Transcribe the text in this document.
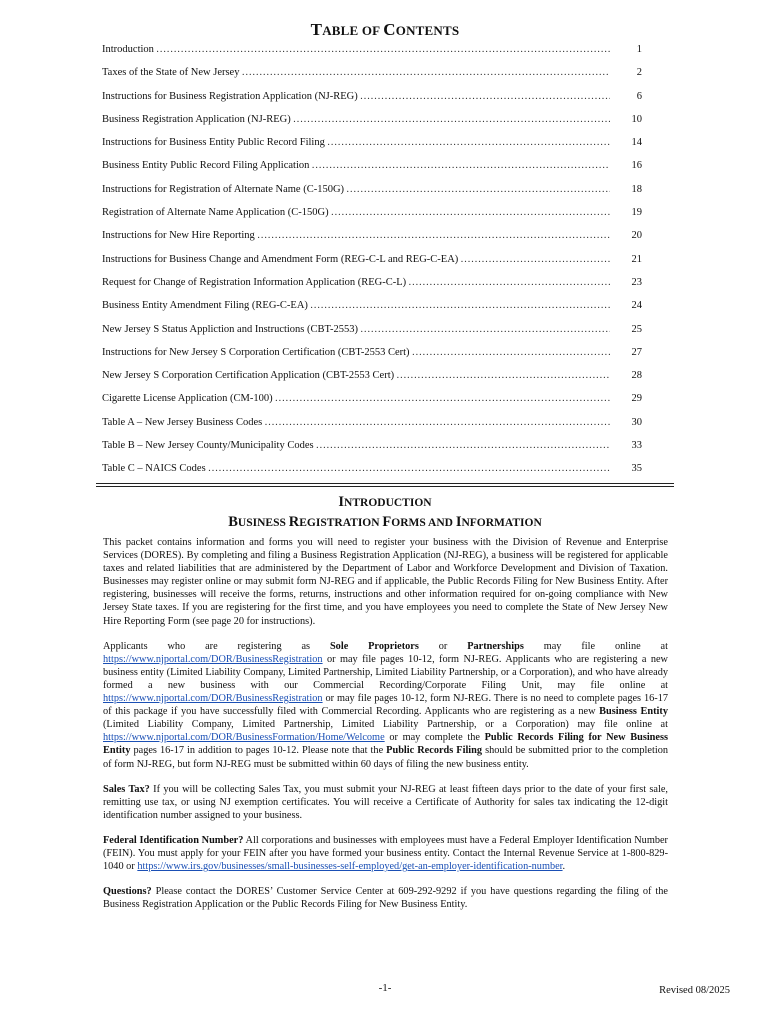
TABLE OF CONTENTS
Introduction ………………………………………………………………………………………………………………………………………………………………	1
Taxes of the State of New Jersey ………………………………………………………………………………………………………………………………………………………………	2
Instructions for Business Registration Application (NJ-REG) ………………………………………………………………………………………………………………………………………………………………	6
Business Registration Application (NJ-REG) ………………………………………………………………………………………………………………………………………………………………	10
Instructions for Business Entity Public Record Filing ………………………………………………………………………………………………………………………………………………………………	14
Business Entity Public Record Filing Application ………………………………………………………………………………………………………………………………………………………………	16
Instructions for Registration of Alternate Name (C-150G) ………………………………………………………………………………………………………………………………………………………………	18
Registration of Alternate Name Application (C-150G) ………………………………………………………………………………………………………………………………………………………………	19
Instructions for New Hire Reporting ………………………………………………………………………………………………………………………………………………………………	20
Instructions for Business Change and Amendment Form (REG-C-L and REG-C-EA) ………………………………………………………………………………………………………………………………………………………………	21
Request for Change of Registration Information Application (REG-C-L) ………………………………………………………………………………………………………………………………………………………………	23
Business Entity Amendment Filing (REG-C-EA) ………………………………………………………………………………………………………………………………………………………………	24
New Jersey S Status Appliction and Instructions (CBT-2553) ………………………………………………………………………………………………………………………………………………………………	25
Instructions for New Jersey S Corporation Certification (CBT-2553 Cert) ………………………………………………………………………………………………………………………………………………………………	27
New Jersey S Corporation Certification Application (CBT-2553 Cert) ………………………………………………………………………………………………………………………………………………………………	28
Cigarette License Application (CM-100) ………………………………………………………………………………………………………………………………………………………………	29
Table A – New Jersey Business Codes ………………………………………………………………………………………………………………………………………………………………	30
Table B – New Jersey County/Municipality Codes ………………………………………………………………………………………………………………………………………………………………	33
Table C – NAICS Codes ………………………………………………………………………………………………………………………………………………………………	35
INTRODUCTION
BUSINESS REGISTRATION FORMS AND INFORMATION

This packet contains information and forms you will need to register your business with the Division of Revenue and Enterprise Services (DORES). By completing and filing a Business Registration Application (NJ-REG), a business will be registered for applicable taxes and related liabilities that are administered by the Department of Labor and Workforce Development and Division of Taxation. Businesses may register online or may submit form NJ-REG and if applicable, the Public Records Filing for New Business Entity. After registering, businesses will receive the forms, returns, instructions and other information required for on-going compliance with New Jersey State taxes. If you are registering for the first time, and you have employees you need to complete the State of New Jersey New Hire Reporting Form (see page 20 for instructions).

Applicants who are registering as Sole Proprietors or Partnerships may file online at https://www.njportal.com/DOR/BusinessRegistration or may file pages 10-12, form NJ-REG. Applicants who are registering a new business entity (Limited Liability Company, Limited Partnership, Limited Liability Partnership, or a Corporation), and who have already formed a new business with our Commercial Recording/Corporate Filing Unit, may file online at https://www.njportal.com/DOR/BusinessRegistration or may file pages 10-12, form NJ-REG. There is no need to complete pages 16-17 of this package if you have successfully filed with Commercial Recording. Applicants who are registering as a new Business Entity (Limited Liability Company, Limited Partnership, Limited Liability Partnership, or a Corporation) may file online at https://www.njportal.com/DOR/BusinessFormation/Home/Welcome or may complete the Public Records Filing for New Business Entity pages 16-17 in addition to pages 10-12. Please note that the Public Records Filing should be submitted prior to the completion of form NJ-REG, but form NJ-REG must be submitted within 60 days of filing the new business entity.

Sales Tax? If you will be collecting Sales Tax, you must submit your NJ-REG at least fifteen days prior to the date of your first sale, remitting use tax, or using NJ exemption certificates. You will receive a Certificate of Authority for sales tax indicating the 12-digit identification number assigned to your business.

Federal Identification Number? All corporations and businesses with employees must have a Federal Employer Identification Number (FEIN). You must apply for your FEIN after you have formed your business entity. Contact the Internal Revenue Service at 1-800-829-1040 or https://www.irs.gov/businesses/small-businesses-self-employed/get-an-employer-identification-number.

Questions? Please contact the DORES’ Customer Service Center at 609-292-9292 if you have questions regarding the filing of the Business Registration Application or the Public Records Filing for New Business Entity.

-1-	Revised 08/2025
